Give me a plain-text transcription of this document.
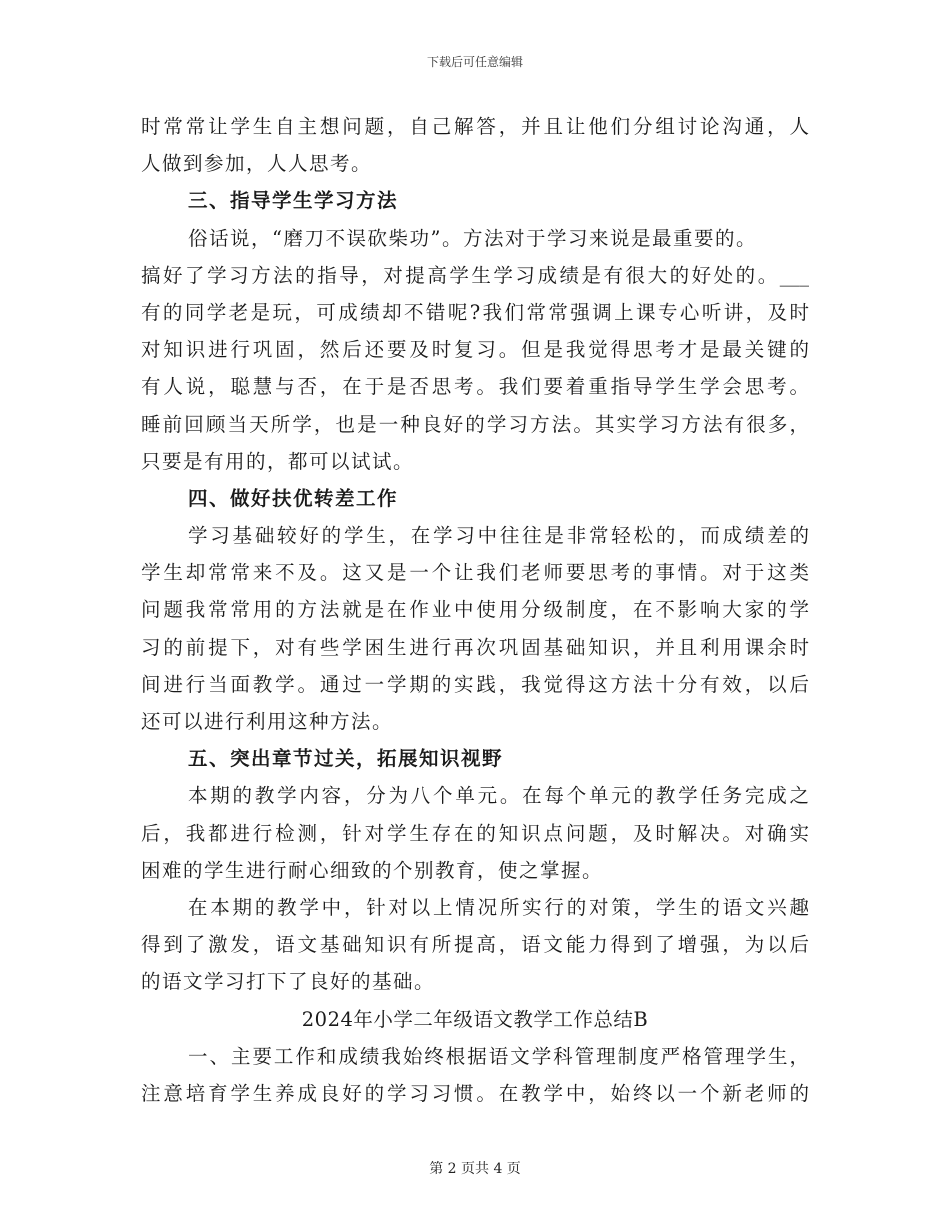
下载后可任意编辑
时常常让学生自主想问题，自己解答，并且让他们分组讨论沟通，人
人做到参加，人人思考。
三、指导学生学习方法
俗话说，“磨刀不误砍柴功”。方法对于学习来说是最重要的。
搞好了学习方法的指导，对提高学生学习成绩是有很大的好处的。___
有的同学老是玩，可成绩却不错呢?我们常常强调上课专心听讲，及时
对知识进行巩固，然后还要及时复习。但是我觉得思考才是最关键的
有人说，聪慧与否，在于是否思考。我们要着重指导学生学会思考。
睡前回顾当天所学，也是一种良好的学习方法。其实学习方法有很多，
只要是有用的，都可以试试。
四、做好扶优转差工作
学习基础较好的学生，在学习中往往是非常轻松的，而成绩差的
学生却常常来不及。这又是一个让我们老师要思考的事情。对于这类
问题我常常用的方法就是在作业中使用分级制度，在不影响大家的学
习的前提下，对有些学困生进行再次巩固基础知识，并且利用课余时
间进行当面教学。通过一学期的实践，我觉得这方法十分有效，以后
还可以进行利用这种方法。
五、突出章节过关，拓展知识视野
本期的教学内容，分为八个单元。在每个单元的教学任务完成之
后，我都进行检测，针对学生存在的知识点问题，及时解决。对确实
困难的学生进行耐心细致的个别教育，使之掌握。
在本期的教学中，针对以上情况所实行的对策，学生的语文兴趣
得到了激发，语文基础知识有所提高，语文能力得到了增强，为以后
的语文学习打下了良好的基础。
2024年小学二年级语文教学工作总结B
一、主要工作和成绩我始终根据语文学科管理制度严格管理学生，
注意培育学生养成良好的学习习惯。在教学中，始终以一个新老师的
第 2 页共 4 页
